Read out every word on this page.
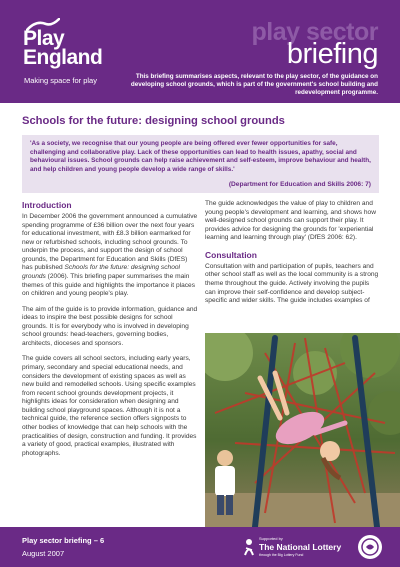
Play
England
Making space for play
play sector
briefing
This briefing summarises aspects, relevant to the play sector, of the guidance on developing school grounds, which is part of the government's school building and redevelopment programme.
Schools for the future: designing school grounds
'As a society, we recognise that our young people are being offered ever fewer opportunities for safe, challenging and collaborative play. Lack of these opportunities can lead to health issues, apathy, social and behavioural issues. School grounds can help raise achievement and self-esteem, improve behaviour and health, and help children and young people develop a wide range of skills.'
(Department for Education and Skills 2006: 7)
Introduction

In December 2006 the government announced a cumulative spending programme of £36 billion over the next four years for educational investment, with £8.3 billion earmarked for new or refurbished schools, including school grounds. To underpin the process, and support the design of school grounds, the Department for Education and Skills (DfES) has published Schools for the future: designing school grounds (2006). This briefing paper summarises the main themes of this guide and highlights the importance it places on children and young people's play.

The aim of the guide is to provide information, guidance and ideas to inspire the best possible designs for school grounds. It is for everybody who is involved in developing school grounds: head-teachers, governing bodies, architects, dioceses and sponsors.

The guide covers all school sectors, including early years, primary, secondary and special educational needs, and considers the development of existing spaces as well as new build and remodelled schools. Using specific examples from recent school grounds development projects, it highlights ideas for consideration when designing and building school playground spaces. Although it is not a technical guide, the reference section offers signposts to other bodies of knowledge that can help schools with the practicalities of design, construction and funding. It provides a variety of good, practical examples, illustrated with photographs.

The guide acknowledges the value of play to children and young people's development and learning, and shows how well-designed school grounds can support their play. It provides advice for designing the grounds for 'experiential learning and learning through play' (DfES 2006: 62).

Consultation

Consultation with and participation of pupils, teachers and other school staff as well as the local community is a strong theme throughout the guide. Actively involving the pupils can improve their self-confidence and develop subject-specific and wider skills. The guide includes examples of

Play sector briefing – 6
August 2007
Supported by
The National Lottery
through the Big Lottery Fund
